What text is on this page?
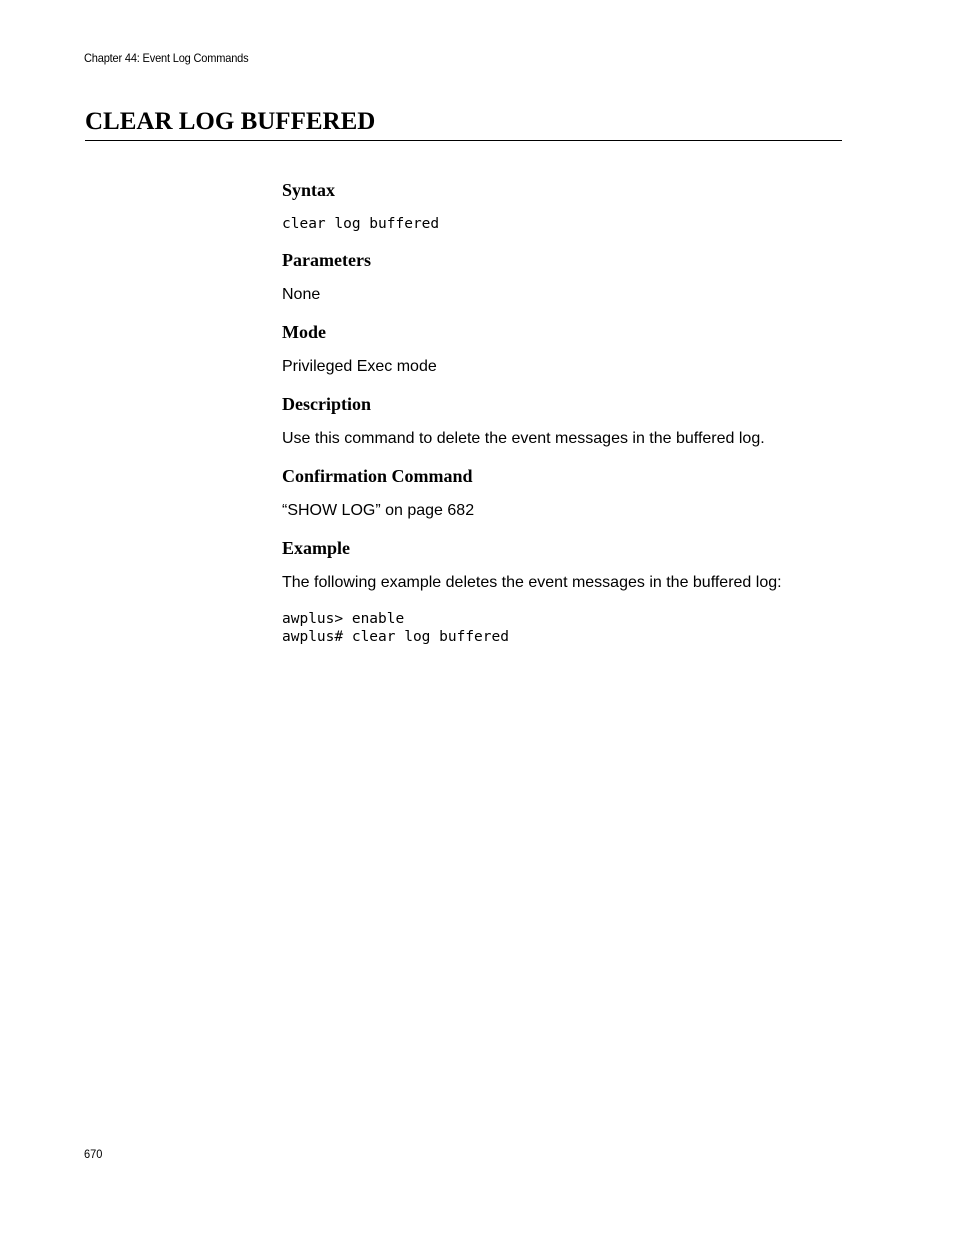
Chapter 44: Event Log Commands
CLEAR LOG BUFFERED
Syntax
clear log buffered
Parameters

None

Mode

Privileged Exec mode

Description

Use this command to delete the event messages in the buffered log.

Confirmation Command

“SHOW LOG” on page 682

Example

The following example deletes the event messages in the buffered log:

awplus> enable
awplus# clear log buffered
670
